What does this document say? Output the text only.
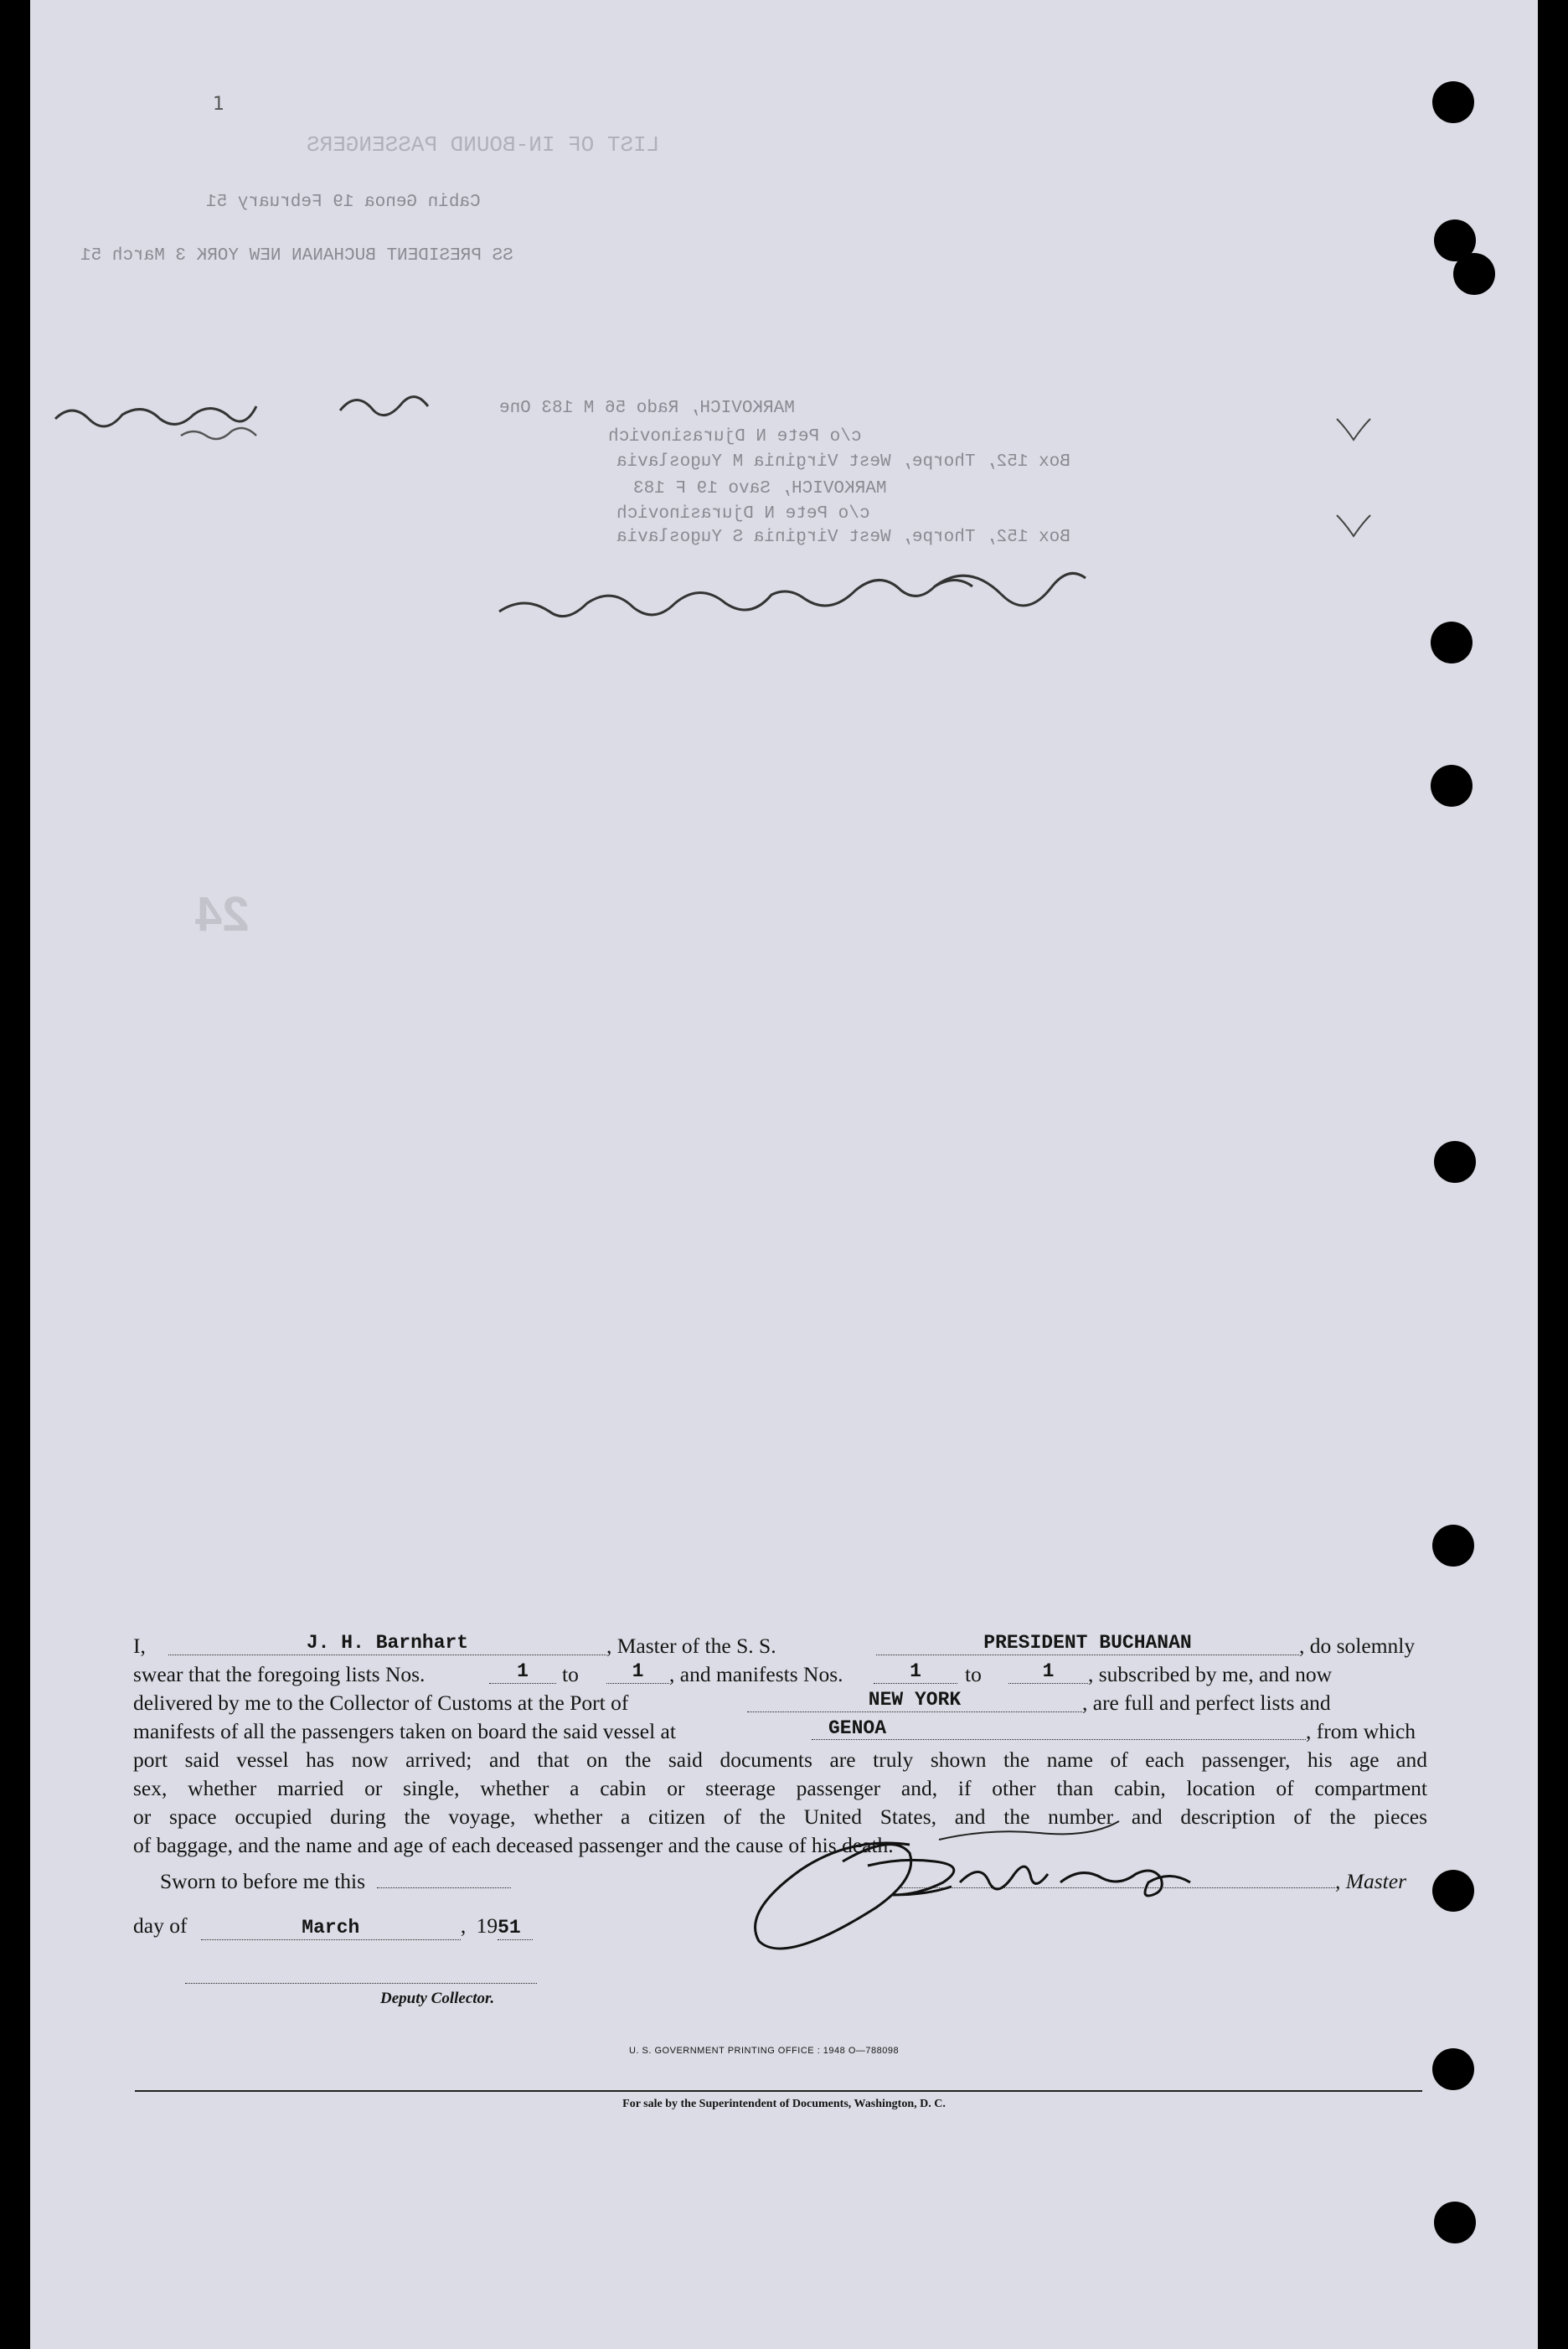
1
LIST OF IN-BOUND PASSENGERS
Cabin Genoa 19 February 51
SS PRESIDENT BUCHANAN NEW YORK 3 March 51
MARKOVICH, Rado 56 M 183 One
c/o Pete N Djurasinovich
Box 152, Thorpe, West Virginia M Yugoslavia
MARKOVICH, Savo 19 F 183
c/o Pete N Djurasinovich
Box 152, Thorpe, West Virginia S Yugoslavia
24
I,	J. H. Barnhart	, Master of the S. S.	PRESIDENT BUCHANAN	, do solemnly
swear that the foregoing lists Nos.	1	to	1	, and manifests Nos.	1	to	1	, subscribed by me, and now
delivered by me to the Collector of Customs at the Port of	NEW YORK	, are full and perfect lists and
manifests of all the passengers taken on board the said vessel at	GENOA	, from which
port said vessel has now arrived; and that on the said documents are truly shown the name of each passenger, his age and
sex, whether married or single, whether a cabin or steerage passenger and, if other than cabin, location of compartment
or space occupied during the voyage, whether a citizen of the United States, and the number and description of the pieces
of baggage, and the name and age of each deceased passenger and the cause of his death.
Sworn to before me this
day of	March	, 1951
, Master
Deputy Collector.
U. S. GOVERNMENT PRINTING OFFICE : 1948 O—788098
For sale by the Superintendent of Documents, Washington, D. C.
